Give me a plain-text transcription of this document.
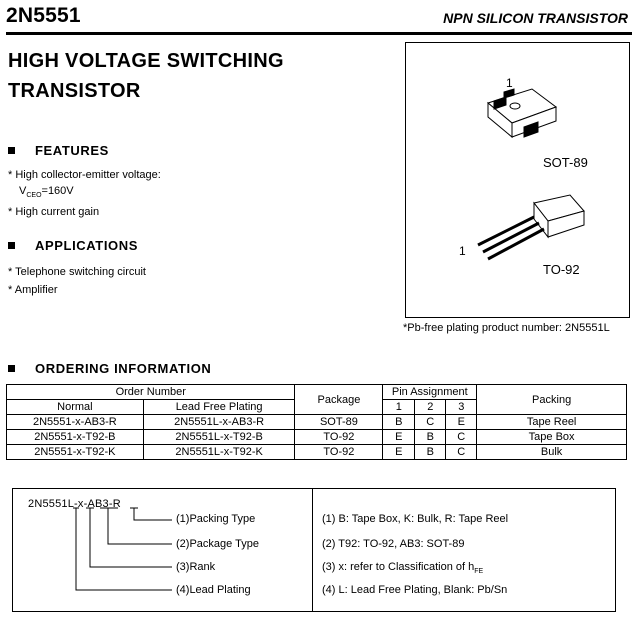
2N5551	NPN SILICON TRANSISTOR
HIGH VOLTAGE SWITCHING
TRANSISTOR
FEATURES
* High collector-emitter voltage:
$V_{CEO}=160V$
* High current gain
APPLICATIONS
* Telephone switching circuit
* Amplifier
1
SOT-89
1
TO-92
*Pb-free plating product number: 2N5551L
ORDERING INFORMATION
Order Number		Package	Pin Assignment			Packing
Normal	Lead Free Plating		1	2	3	
2N5551-x-AB3-R	2N5551L-x-AB3-R	SOT-89	B	C	E	Tape Reel
2N5551-x-T92-B	2N5551L-x-T92-B	TO-92	E	B	C	Tape Box
2N5551-x-T92-K	2N5551L-x-T92-K	TO-92	E	B	C	Bulk
2N5551L-x-AB3-R
(1)Packing Type
(2)Package Type
(3)Rank
(4)Lead Plating
(1) B: Tape Box, K: Bulk, R: Tape Reel
(2) T92: TO-92, AB3: SOT-89
(3) x: refer to Classification of $h_{FE}$
(4) L: Lead Free Plating, Blank: Pb/Sn
